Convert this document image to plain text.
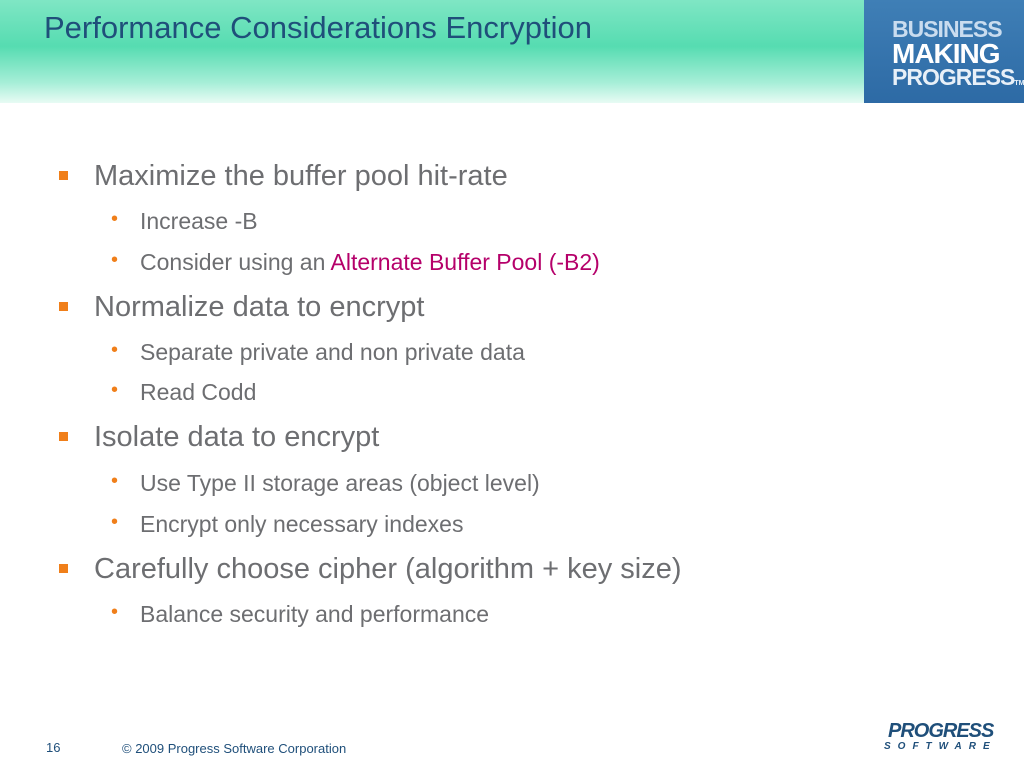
Performance Considerations Encryption	BUSINESS
MAKING
PROGRESSTM
Maximize the buffer pool hit-rate
• Increase -B
• Consider using an Alternate Buffer Pool (-B2)
Normalize data to encrypt
• Separate private and non private data
• Read Codd
Isolate data to encrypt
• Use Type II storage areas (object level)
• Encrypt only necessary indexes
Carefully choose cipher (algorithm + key size)
• Balance security and performance
16	© 2009 Progress Software Corporation
PROGRESS
SOFTWARE
